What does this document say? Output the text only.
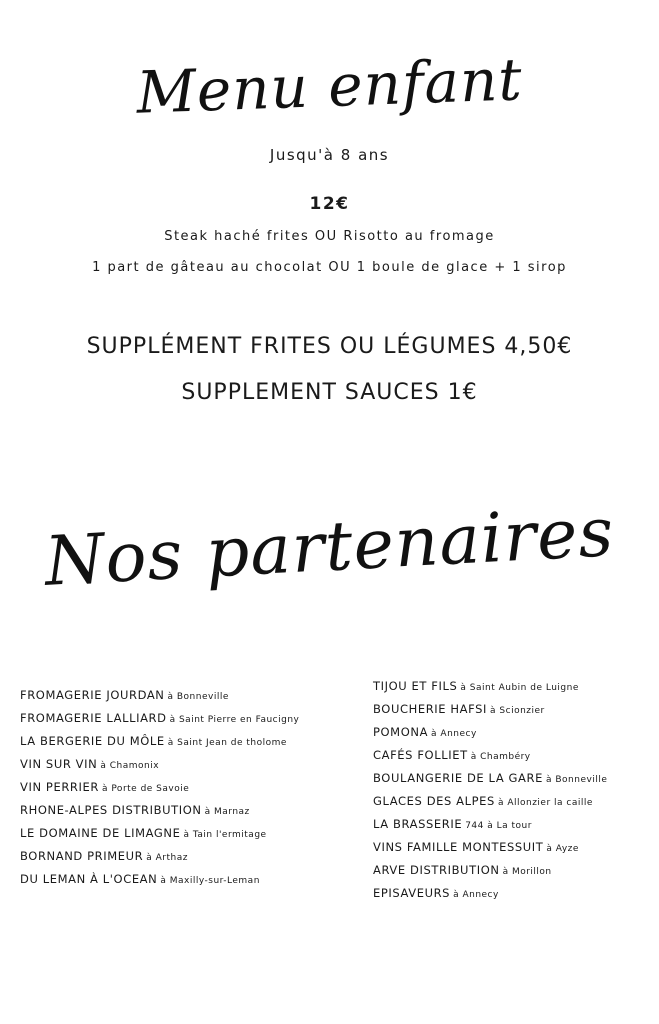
Menu enfant
Jusqu'à 8 ans
12€
Steak haché frites OU Risotto au fromage
1 part de gâteau au chocolat OU 1 boule de glace + 1 sirop
SUPPLÉMENT FRITES OU LÉGUMES 4,50€
SUPPLEMENT SAUCES 1€
Nos partenaires
FROMAGERIE JOURDAN à Bonneville
FROMAGERIE LALLIARD à Saint Pierre en Faucigny
LA BERGERIE DU MÔLE à Saint Jean de tholome
VIN SUR VIN à Chamonix
VIN PERRIER à Porte de Savoie
RHONE-ALPES DISTRIBUTION à Marnaz
LE DOMAINE DE LIMAGNE à Tain l'ermitage
BORNAND PRIMEUR à Arthaz
DU LEMAN À L'OCEAN à Maxilly-sur-Leman
TIJOU ET FILS à Saint Aubin de Luigne
BOUCHERIE HAFSI à Scionzier
POMONA à Annecy
CAFÉS FOLLIET à Chambéry
BOULANGERIE DE LA GARE à Bonneville
GLACES DES ALPES à Allonzier la caille
LA BRASSERIE 744 à La tour
VINS FAMILLE MONTESSUIT à Ayze
ARVE DISTRIBUTION à Morillon
EPISAVEURS à Annecy
